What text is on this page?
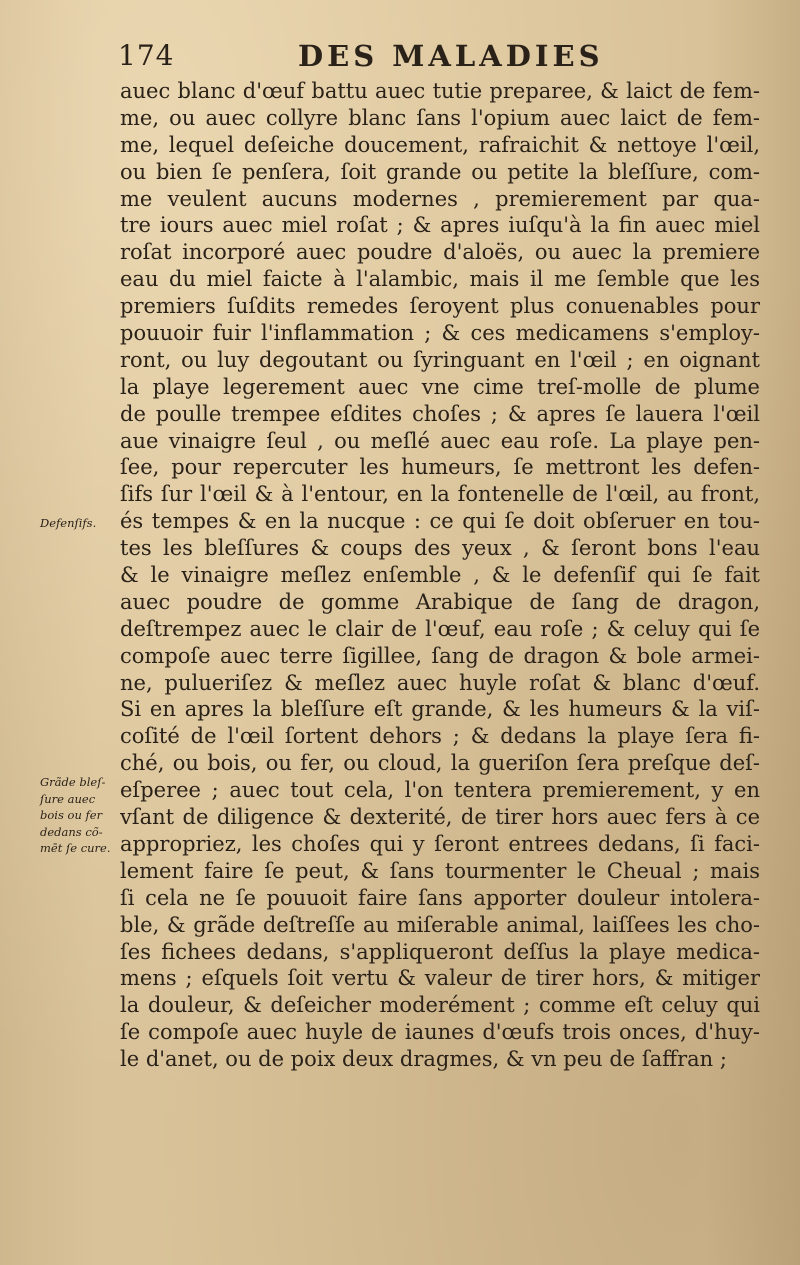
174	DES MALADIES
auec blanc d'œuf battu auec tutie preparee, & laict de fem-
me, ou auec collyre blanc ſans l'opium auec laict de fem-
me, lequel deſeiche doucement, rafraichit & nettoye l'œil,
ou bien ſe penſera, ſoit grande ou petite la bleſſure, com-
me veulent aucuns modernes , premierement par qua-
tre iours auec miel roſat ; & apres iuſqu'à la fin auec miel
roſat incorporé auec poudre d'aloës, ou auec la premiere
eau du miel faicte à l'alambic, mais il me ſemble que les
premiers ſuſdits remedes ſeroyent plus conuenables pour
pouuoir fuir l'inflammation ; & ces medicamens s'employ-
ront, ou luy degoutant ou ſyringuant en l'œil ; en oignant
la playe legerement auec vne cime treſ-molle de plume
de poulle trempee eſdites choſes ; & apres ſe lauera l'œil
aue vinaigre ſeul , ou meſlé auec eau roſe. La playe pen-
ſee, pour repercuter les humeurs, ſe mettront les defen-
ſifs ſur l'œil & à l'entour, en la fontenelle de l'œil, au front,
és tempes & en la nucque : ce qui ſe doit obſeruer en tou-
tes les bleſſures & coups des yeux , & ſeront bons l'eau
& le vinaigre meſlez enſemble , & le defenſif qui ſe fait
auec poudre de gomme Arabique de ſang de dragon,
deſtrempez auec le clair de l'œuf, eau roſe ; & celuy qui ſe
compoſe auec terre ſigillee, ſang de dragon & bole armei-
ne, pulueriſez & meſlez auec huyle roſat & blanc d'œuf.
Si en apres la bleſſure eſt grande, & les humeurs & la viſ-
coſité de l'œil ſortent dehors ; & dedans la playe ſera fi-
ché, ou bois, ou fer, ou cloud, la gueriſon ſera preſque deſ-
eſperee ; auec tout cela, l'on tentera premierement, y en
vſant de diligence & dexterité, de tirer hors auec fers à ce
appropriez, les choſes qui y ſeront entrees dedans, ſi faci-
lement faire ſe peut, & ſans tourmenter le Cheual ; mais
ſi cela ne ſe pouuoit faire ſans apporter douleur intolera-
ble, & grãde deſtreſſe au miſerable animal, laiſſees les cho-
ſes fichees dedans, s'appliqueront deſſus la playe medica-
mens ; eſquels ſoit vertu & valeur de tirer hors, & mitiger
la douleur, & deſeicher moderément ; comme eſt celuy qui
ſe compoſe auec huyle de iaunes d'œufs trois onces, d'huy-
le d'anet, ou de poix deux dragmes, & vn peu de ſaffran ;
Defenſifs.
Grãde bleſ-
ſure auec
bois ou fer
dedans cõ-
mēt ſe cure.
